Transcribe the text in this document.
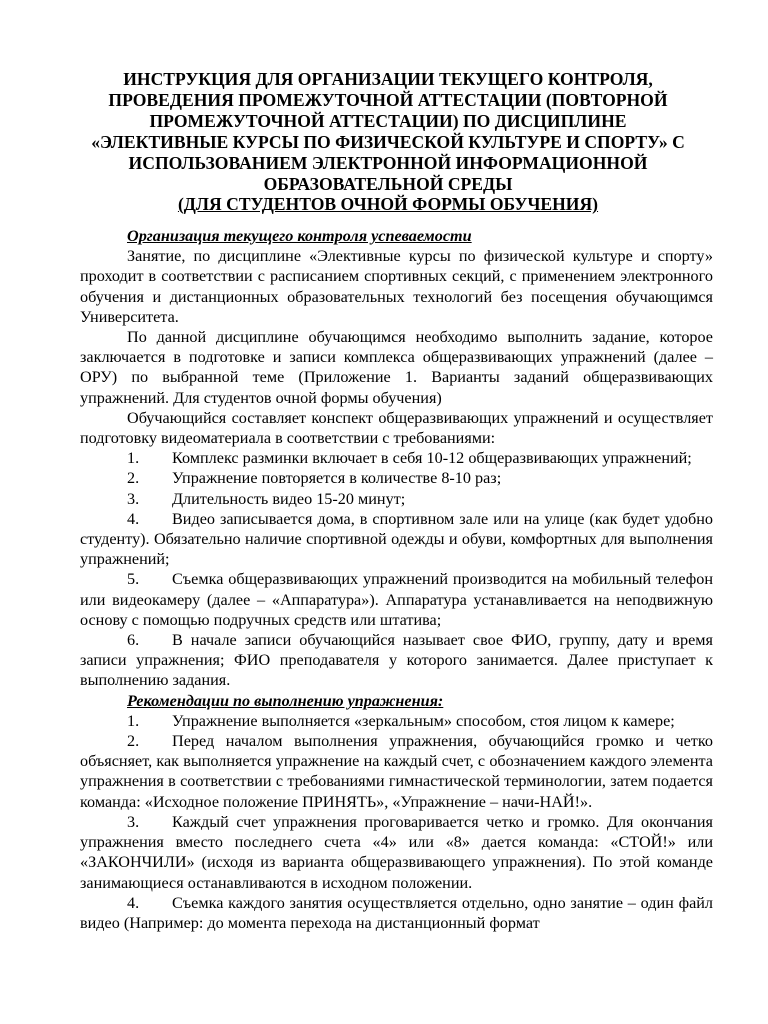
ИНСТРУКЦИЯ ДЛЯ ОРГАНИЗАЦИИ ТЕКУЩЕГО КОНТРОЛЯ,
ПРОВЕДЕНИЯ ПРОМЕЖУТОЧНОЙ АТТЕСТАЦИИ (ПОВТОРНОЙ
ПРОМЕЖУТОЧНОЙ АТТЕСТАЦИИ) ПО ДИСЦИПЛИНЕ
«ЭЛЕКТИВНЫЕ КУРСЫ ПО ФИЗИЧЕСКОЙ КУЛЬТУРЕ И СПОРТУ» С
ИСПОЛЬЗОВАНИЕМ ЭЛЕКТРОННОЙ ИНФОРМАЦИОННОЙ
ОБРАЗОВАТЕЛЬНОЙ СРЕДЫ
(ДЛЯ СТУДЕНТОВ ОЧНОЙ ФОРМЫ ОБУЧЕНИЯ)

Организация текущего контроля успеваемости

Занятие, по дисциплине «Элективные курсы по физической культуре и спорту» проходит в соответствии с расписанием спортивных секций, с применением электронного обучения и дистанционных образовательных технологий без посещения обучающимся Университета.

По данной дисциплине обучающимся необходимо выполнить задание, которое заключается в подготовке и записи комплекса общеразвивающих упражнений (далее – ОРУ) по выбранной теме (Приложение 1. Варианты заданий общеразвивающих упражнений. Для студентов очной формы обучения)

Обучающийся составляет конспект общеразвивающих упражнений и осуществляет подготовку видеоматериала в соответствии с требованиями:

1. Комплекс разминки включает в себя 10-12 общеразвивающих упражнений;

2. Упражнение повторяется в количестве 8-10 раз;

3. Длительность видео 15-20 минут;

4. Видео записывается дома, в спортивном зале или на улице (как будет удобно студенту). Обязательно наличие спортивной одежды и обуви, комфортных для выполнения упражнений;

5. Съемка общеразвивающих упражнений производится на мобильный телефон или видеокамеру (далее – «Аппаратура»). Аппаратура устанавливается на неподвижную основу с помощью подручных средств или штатива;

6. В начале записи обучающийся называет свое ФИО, группу, дату и время записи упражнения; ФИО преподавателя у которого занимается. Далее приступает к выполнению задания.

Рекомендации по выполнению упражнения:

1. Упражнение выполняется «зеркальным» способом, стоя лицом к камере;

2. Перед началом выполнения упражнения, обучающийся громко и четко объясняет, как выполняется упражнение на каждый счет, с обозначением каждого элемента упражнения в соответствии с требованиями гимнастической терминологии, затем подается команда: «Исходное положение ПРИНЯТЬ», «Упражнение – начи-НАЙ!».

3. Каждый счет упражнения проговаривается четко и громко. Для окончания упражнения вместо последнего счета «4» или «8» дается команда: «СТОЙ!» или «ЗАКОНЧИЛИ» (исходя из варианта общеразвивающего упражнения). По этой команде занимающиеся останавливаются в исходном положении.

4. Съемка каждого занятия осуществляется отдельно, одно занятие – один файл видео (Например: до момента перехода на дистанционный формат
